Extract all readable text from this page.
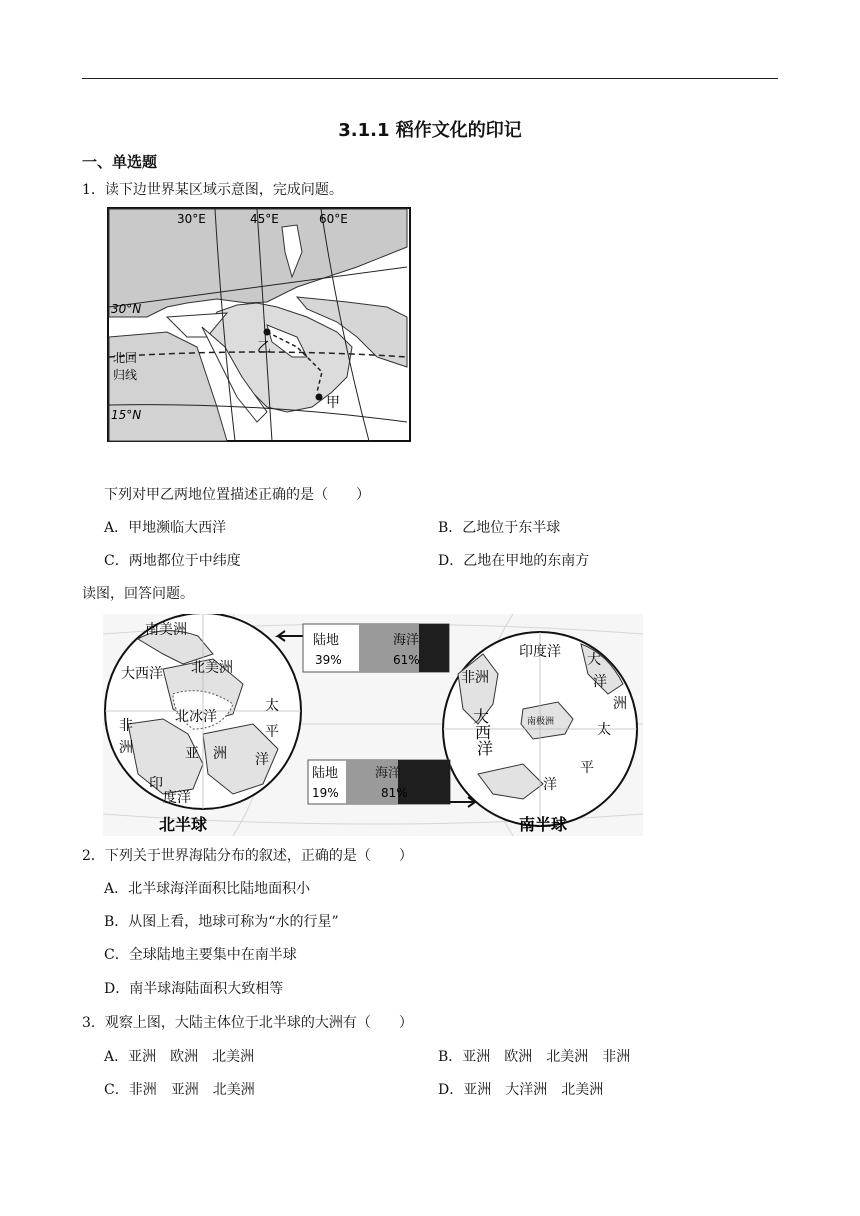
3.1.1 稻作文化的印记
一、单选题
1．读下边世界某区域示意图，完成问题。
30°E	45°E	60°E
30°N
北回
归线
15°N
乙
甲
下列对甲乙两地位置描述正确的是（　　）
A．甲地濒临大西洋	B．乙地位于东半球
C．两地都位于中纬度	D．乙地在甲地的东南方
读图，回答问题。
陆地
39%
海洋
61%
陆地
19%
海洋
81%
南美洲
大西洋 北美洲
北冰洋
非
洲	亚　洲
印
度洋
太
平
洋
印度洋
非洲
大
西
洋
南极洲
大
洋
洲
太
平
洋
北半球	南半球
2．下列关于世界海陆分布的叙述，正确的是（　　）
A．北半球海洋面积比陆地面积小
B．从图上看，地球可称为“水的行星”
C．全球陆地主要集中在南半球
D．南半球海陆面积大致相等
3．观察上图，大陆主体位于北半球的大洲有（　　）
A．亚洲　欧洲　北美洲	B．亚洲　欧洲　北美洲　非洲
C．非洲　亚洲　北美洲	D．亚洲　大洋洲　北美洲
